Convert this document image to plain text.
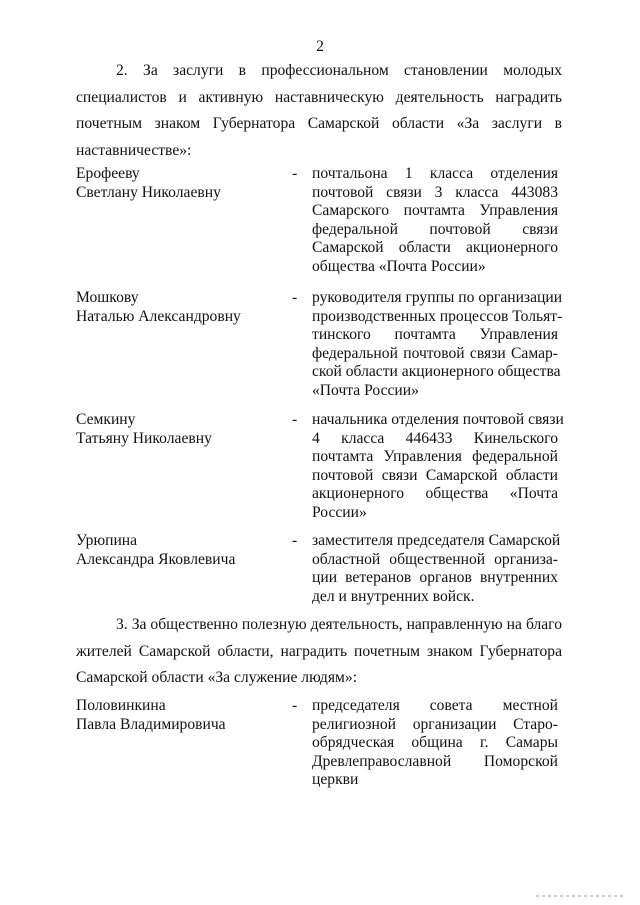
2
2. За заслуги в профессиональном становлении молодых
специалистов и активную наставническую деятельность наградить
почетным знаком Губернатора Самарской области «За заслуги в
наставничестве»:
Ерофееву
Светлану Николаевну
- почтальона 1 класса отделения
почтовой связи 3 класса 443083
Самарского почтамта Управления
федеральной почтовой связи
Самарской области акционерного
общества «Почта России»
Мошкову
Наталью Александровну
- руководителя группы по организации
производственных процессов Тольят-
тинского почтамта Управления
федеральной почтовой связи Самар-
ской области акционерного общества
«Почта России»
Семкину
Татьяну Николаевну
- начальника отделения почтовой связи
4 класса 446433 Кинельского
почтамта Управления федеральной
почтовой связи Самарской области
акционерного общества «Почта
России»
Урюпина
Александра Яковлевича
- заместителя председателя Самарской
областной общественной организа-
ции ветеранов органов внутренних
дел и внутренних войск.
3. За общественно полезную деятельность, направленную на благо
жителей Самарской области, наградить почетным знаком Губернатора
Самарской области «За служение людям»:
Половинкина
Павла Владимировича
- председателя совета местной
религиозной организации Старо-
обрядческая община г. Самары
Древлеправославной Поморской
церкви
